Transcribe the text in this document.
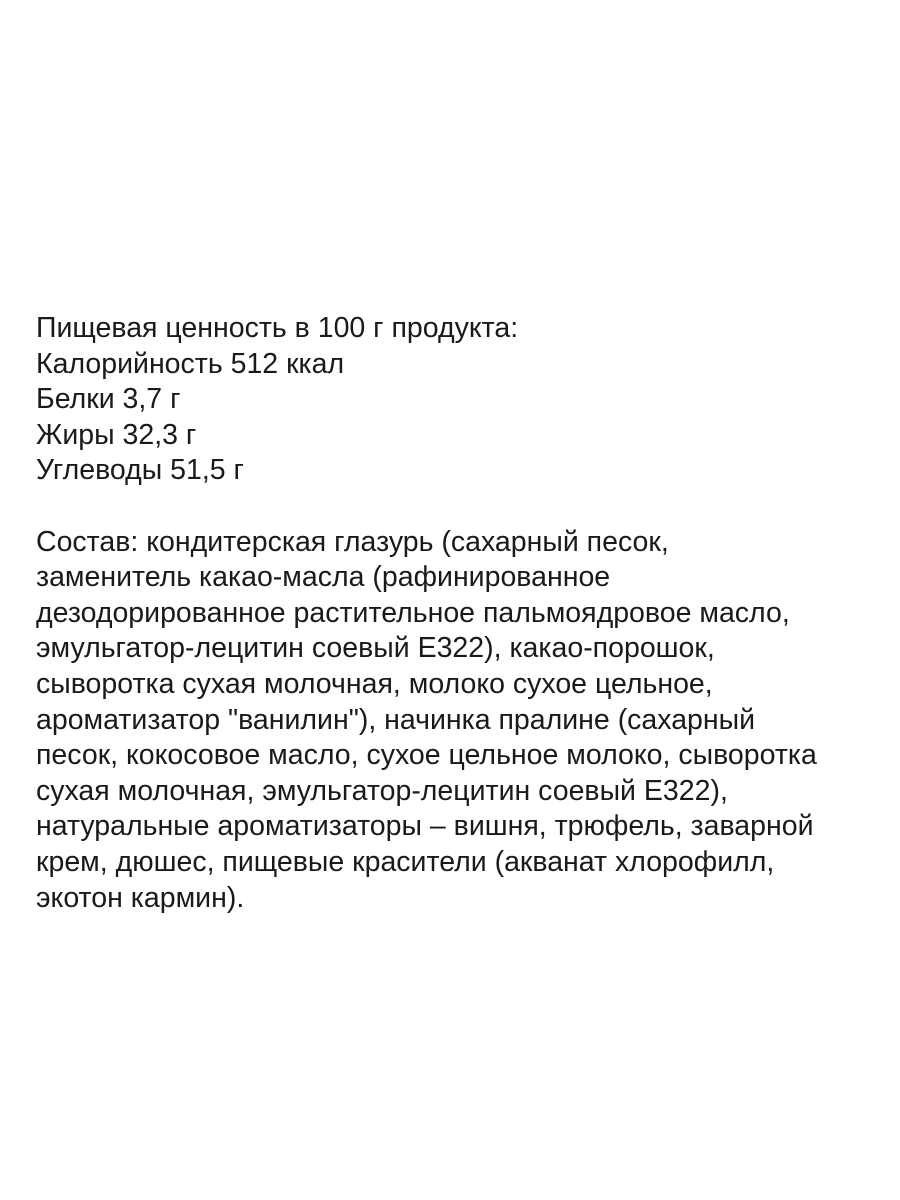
Пищевая ценность в 100 г продукта:

Калорийность 512 ккал

Белки 3,7 г

Жиры 32,3 г

Углеводы 51,5 г

Состав: кондитерская глазурь (сахарный песок,

заменитель какао-масла (рафинированное

дезодорированное растительное пальмоядровое масло,

эмульгатор-лецитин соевый Е322), какао-порошок,

сыворотка сухая молочная, молоко сухое цельное,

ароматизатор "ванилин"), начинка пралине (сахарный

песок, кокосовое масло, сухое цельное молоко, сыворотка

сухая молочная, эмульгатор-лецитин соевый Е322),

натуральные ароматизаторы – вишня, трюфель, заварной

крем, дюшес, пищевые красители (акванат хлорофилл,

экотон кармин).
